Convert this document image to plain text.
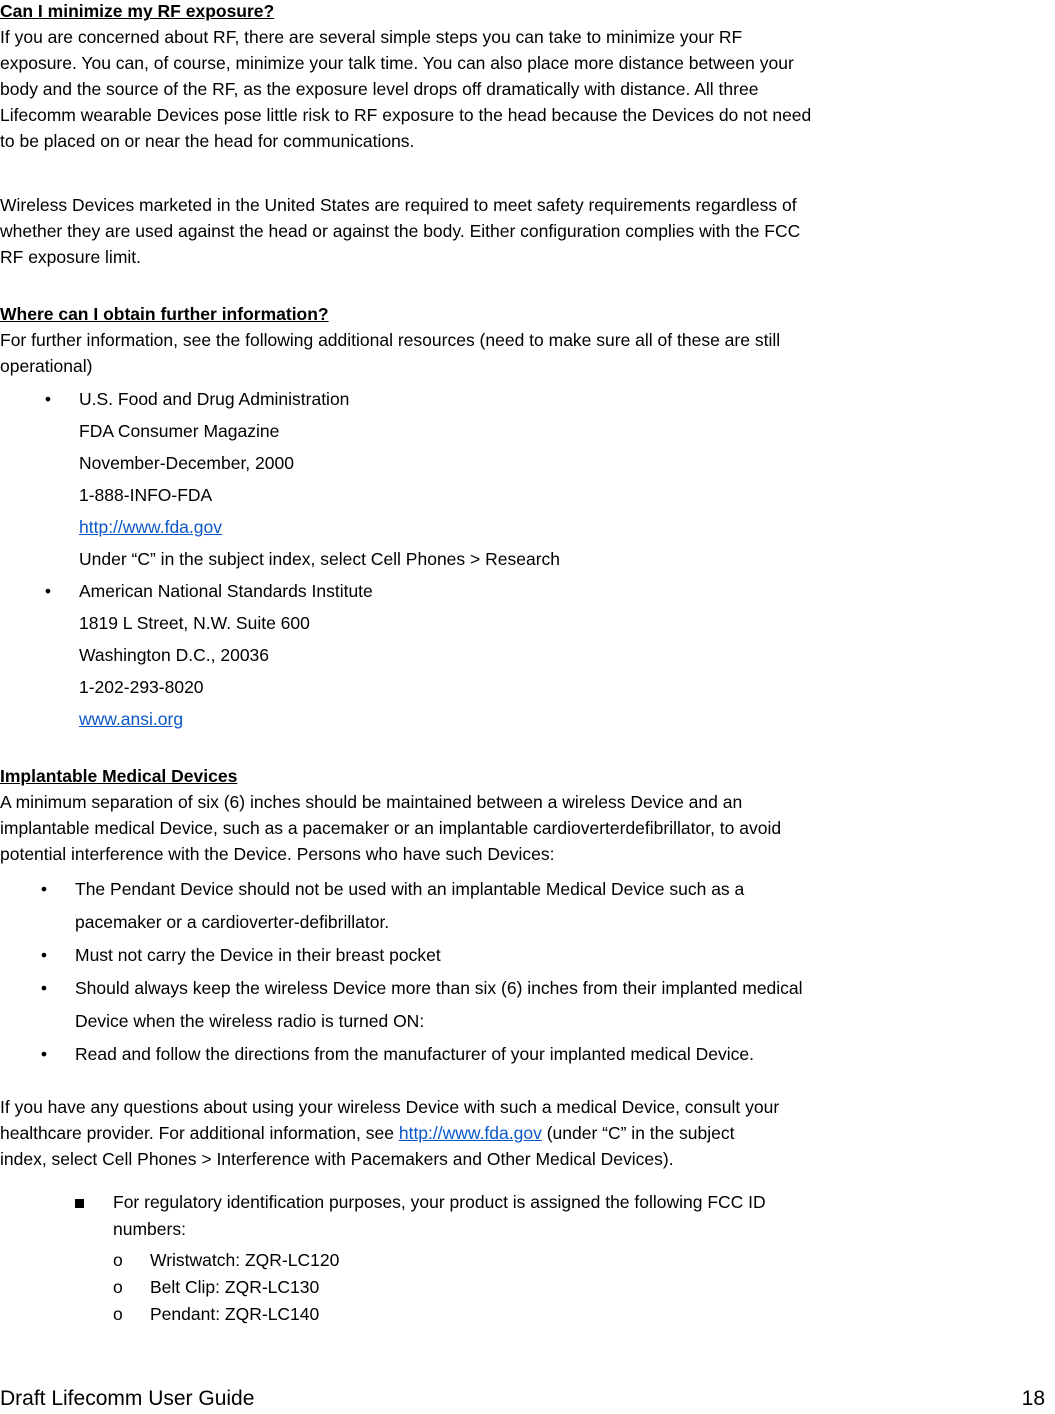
Can I minimize my RF exposure?

If you are concerned about RF, there are several simple steps you can take to minimize your RF

exposure. You can, of course, minimize your talk time. You can also place more distance between your

body and the source of the RF, as the exposure level drops off dramatically with distance. All three

Lifecomm wearable Devices pose little risk to RF exposure to the head because the Devices do not need

to be placed on or near the head for communications.

Wireless Devices marketed in the United States are required to meet safety requirements regardless of

whether they are used against the head or against the body. Either configuration complies with the FCC

RF exposure limit.

Where can I obtain further information?

For further information, see the following additional resources (need to make sure all of these are still

operational)

• U.S. Food and Drug Administration
FDA Consumer Magazine
November-December, 2000
1-888-INFO-FDA
http://www.fda.gov
Under “C” in the subject index, select Cell Phones > Research
• American National Standards Institute
1819 L Street, N.W. Suite 600
Washington D.C., 20036
1-202-293-8020
www.ansi.org

Implantable Medical Devices

A minimum separation of six (6) inches should be maintained between a wireless Device and an

implantable medical Device, such as a pacemaker or an implantable cardioverterdefibrillator, to avoid

potential interference with the Device. Persons who have such Devices:

• The Pendant Device should not be used with an implantable Medical Device such as a
pacemaker or a cardioverter-defibrillator.
• Must not carry the Device in their breast pocket
• Should always keep the wireless Device more than six (6) inches from their implanted medical
Device when the wireless radio is turned ON:
• Read and follow the directions from the manufacturer of your implanted medical Device.

If you have any questions about using your wireless Device with such a medical Device, consult your

healthcare provider. For additional information, see http://www.fda.gov (under “C” in the subject

index, select Cell Phones > Interference with Pacemakers and Other Medical Devices).

For regulatory identification purposes, your product is assigned the following FCC ID
numbers:
o Wristwatch: ZQR-LC120
o Belt Clip: ZQR-LC130
o Pendant: ZQR-LC140
Draft Lifecomm User Guide	18
